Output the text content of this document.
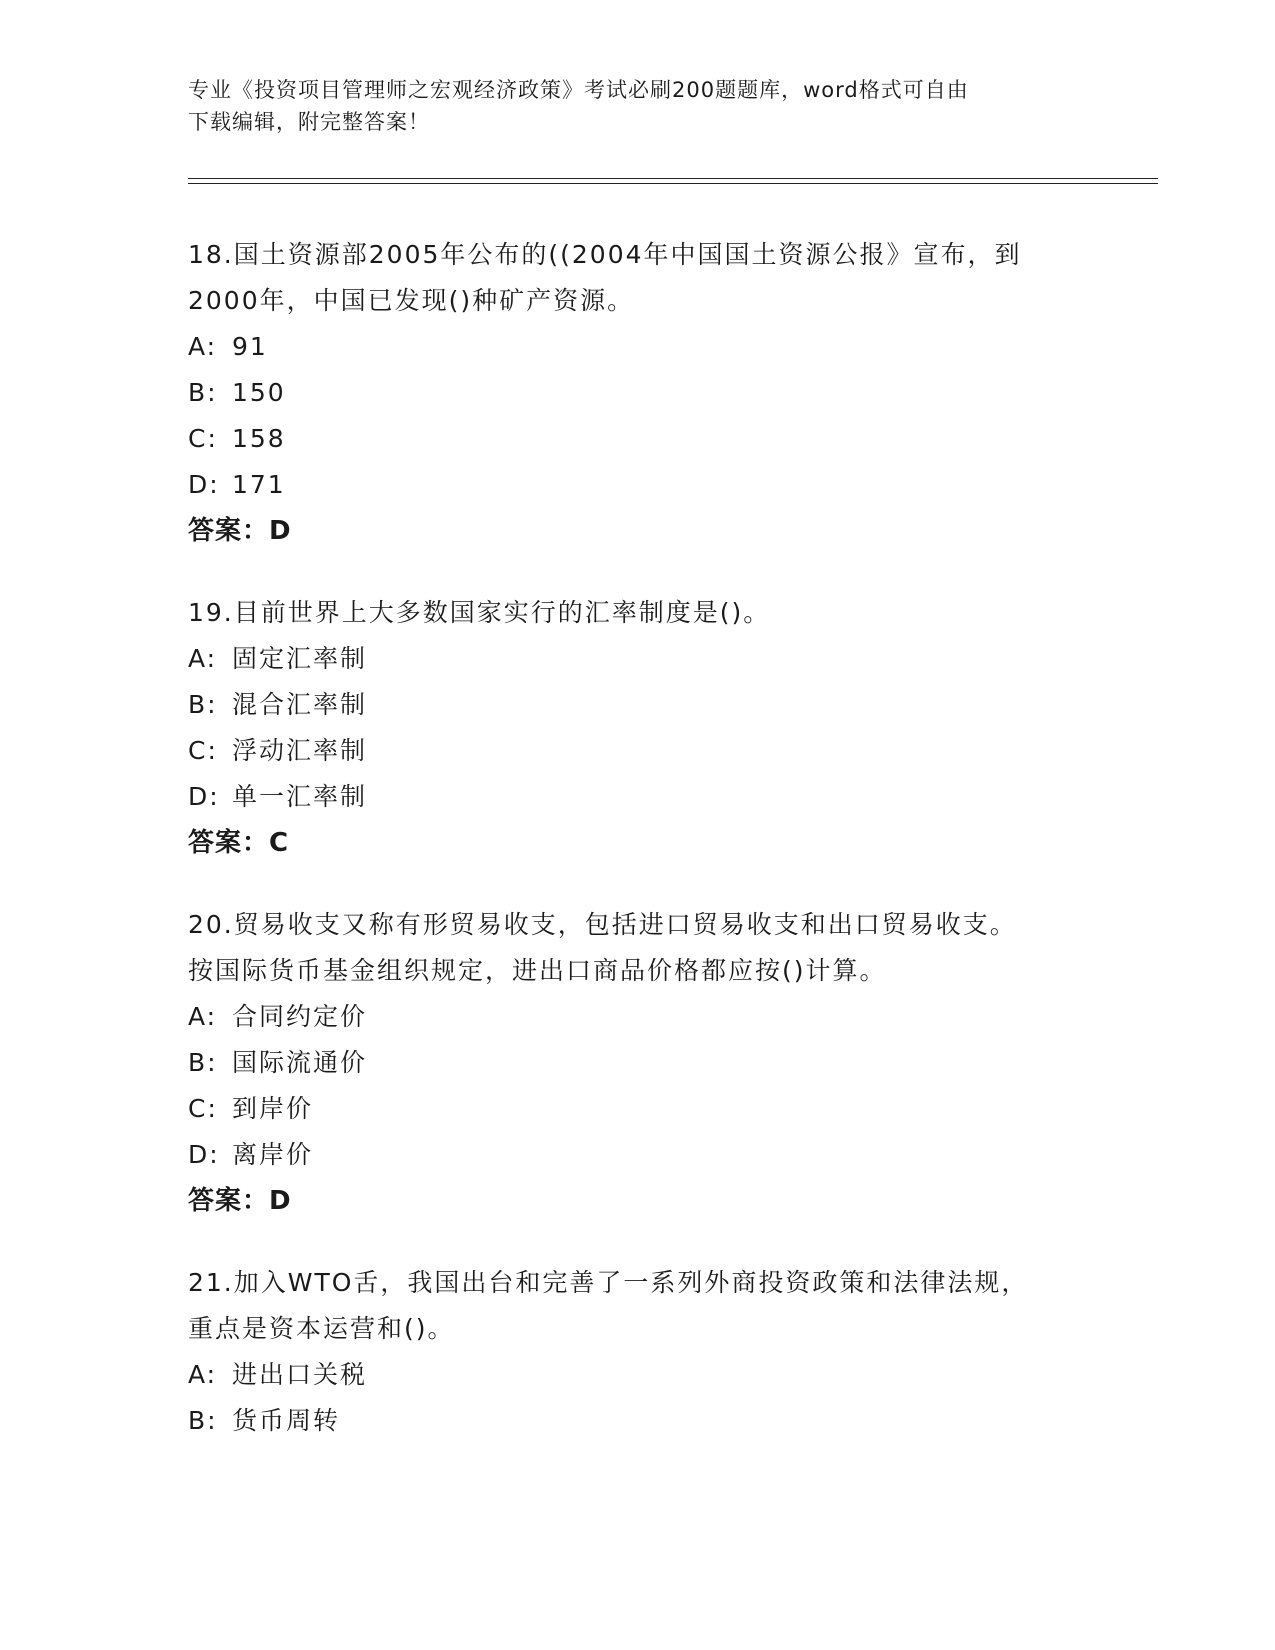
专业《投资项目管理师之宏观经济政策》考试必刷200题题库，word格式可自由
下载编辑，附完整答案！
18.国土资源部2005年公布的((2004年中国国土资源公报》宣布，到
2000年，中国已发现()种矿产资源。
A: 91
B: 150
C: 158
D: 171
答案：D
19.目前世界上大多数国家实行的汇率制度是()。
A: 固定汇率制
B: 混合汇率制
C: 浮动汇率制
D: 单一汇率制
答案：C
20.贸易收支又称有形贸易收支，包括进口贸易收支和出口贸易收支。
按国际货币基金组织规定，进出口商品价格都应按()计算。
A: 合同约定价
B: 国际流通价
C: 到岸价
D: 离岸价
答案：D
21.加入WTO舌，我国出台和完善了一系列外商投资政策和法律法规，
重点是资本运营和()。
A: 进出口关税
B: 货币周转
